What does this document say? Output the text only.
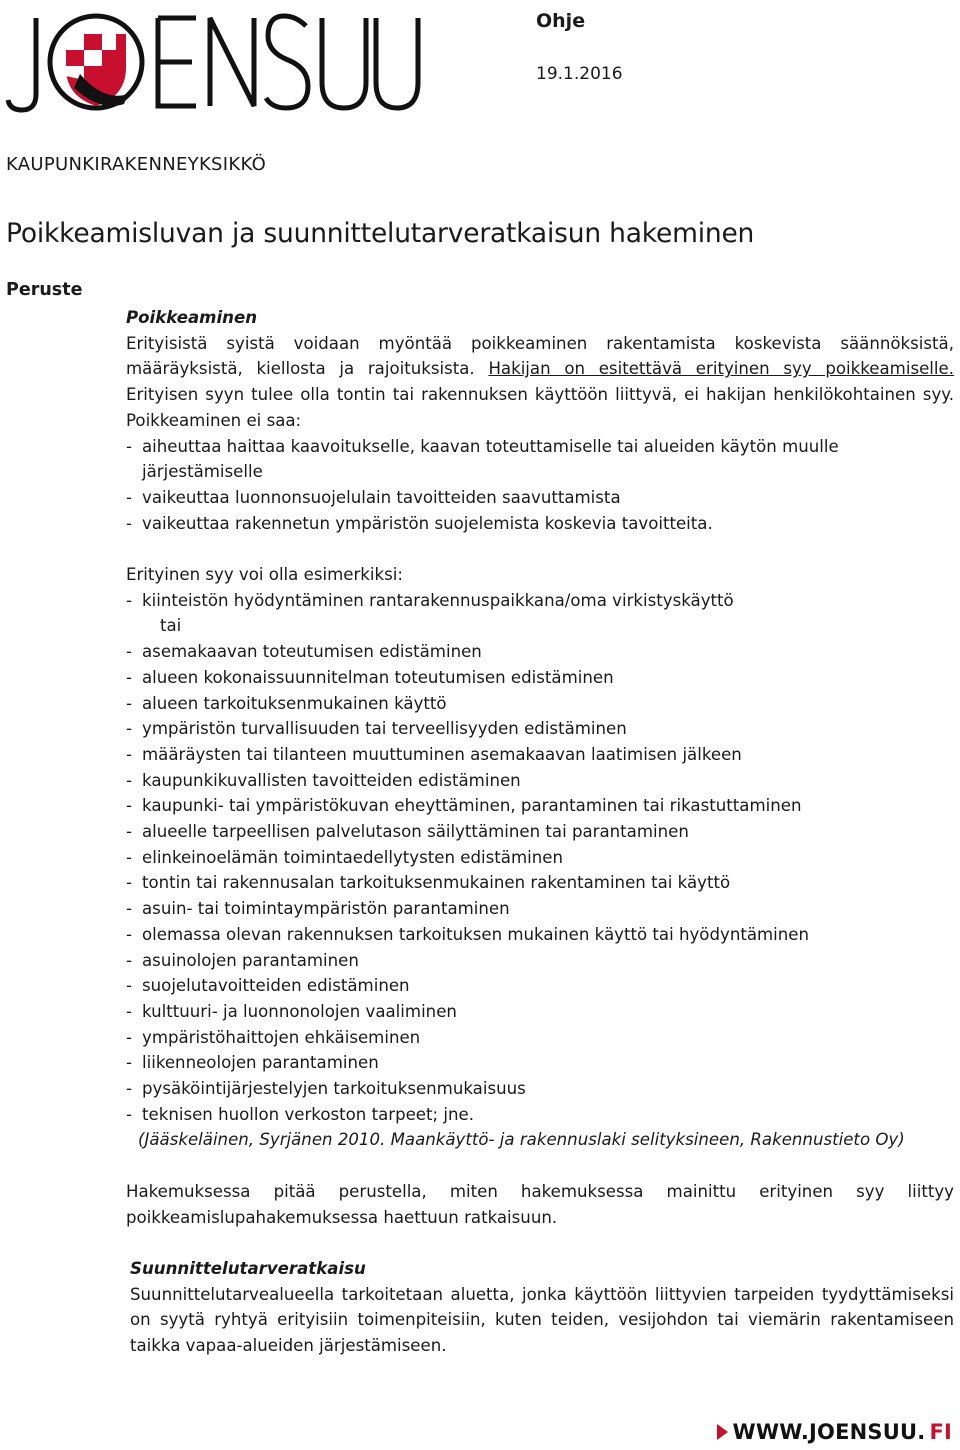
Ohje
19.1.2016
KAUPUNKIRAKENNEYKSIKKÖ
Poikkeamisluvan ja suunnittelutarveratkaisun hakeminen
Peruste

Poikkeaminen

Erityisistä syistä voidaan myöntää poikkeaminen rakentamista koskevista säännöksistä, määräyksistä, kiellosta ja rajoituksista. Hakijan on esitettävä erityinen syy poikkeamiselle. Erityisen syyn tulee olla tontin tai rakennuksen käyttöön liittyvä, ei hakijan henkilökohtainen syy. Poikkeaminen ei saa:

- aiheuttaa haittaa kaavoitukselle, kaavan toteuttamiselle tai alueiden käytön muulle järjestämiselle
- vaikeuttaa luonnonsuojelulain tavoitteiden saavuttamista
- vaikeuttaa rakennetun ympäristön suojelemista koskevia tavoitteita.

Erityinen syy voi olla esimerkiksi:

- kiinteistön hyödyntäminen rantarakennuspaikkana/oma virkistyskäyttö

tai

- asemakaavan toteutumisen edistäminen
- alueen kokonaissuunnitelman toteutumisen edistäminen
- alueen tarkoituksenmukainen käyttö
- ympäristön turvallisuuden tai terveellisyyden edistäminen
- määräysten tai tilanteen muuttuminen asemakaavan laatimisen jälkeen
- kaupunkikuvallisten tavoitteiden edistäminen
- kaupunki- tai ympäristökuvan eheyttäminen, parantaminen tai rikastuttaminen
- alueelle tarpeellisen palvelutason säilyttäminen tai parantaminen
- elinkeinoelämän toimintaedellytysten edistäminen
- tontin tai rakennusalan tarkoituksenmukainen rakentaminen tai käyttö
- asuin- tai toimintaympäristön parantaminen
- olemassa olevan rakennuksen tarkoituksen mukainen käyttö tai hyödyntäminen
- asuinolojen parantaminen
- suojelutavoitteiden edistäminen
- kulttuuri- ja luonnonolojen vaaliminen
- ympäristöhaittojen ehkäiseminen
- liikenneolojen parantaminen
- pysäköintijärjestelyjen tarkoituksenmukaisuus
- teknisen huollon verkoston tarpeet; jne.

(Jääskeläinen, Syrjänen 2010. Maankäyttö- ja rakennuslaki selityksineen, Rakennustieto Oy)

Hakemuksessa pitää perustella, miten hakemuksessa mainittu erityinen syy liittyy poikkeamislupahakemuksessa haettuun ratkaisuun.

Suunnittelutarveratkaisu

Suunnittelutarvealueella tarkoitetaan aluetta, jonka käyttöön liittyvien tarpeiden tyydyttämiseksi on syytä ryhtyä erityisiin toimenpiteisiin, kuten teiden, vesijohdon tai viemärin rakentamiseen taikka vapaa-alueiden järjestämiseen.

WWW.JOENSUU. FI
